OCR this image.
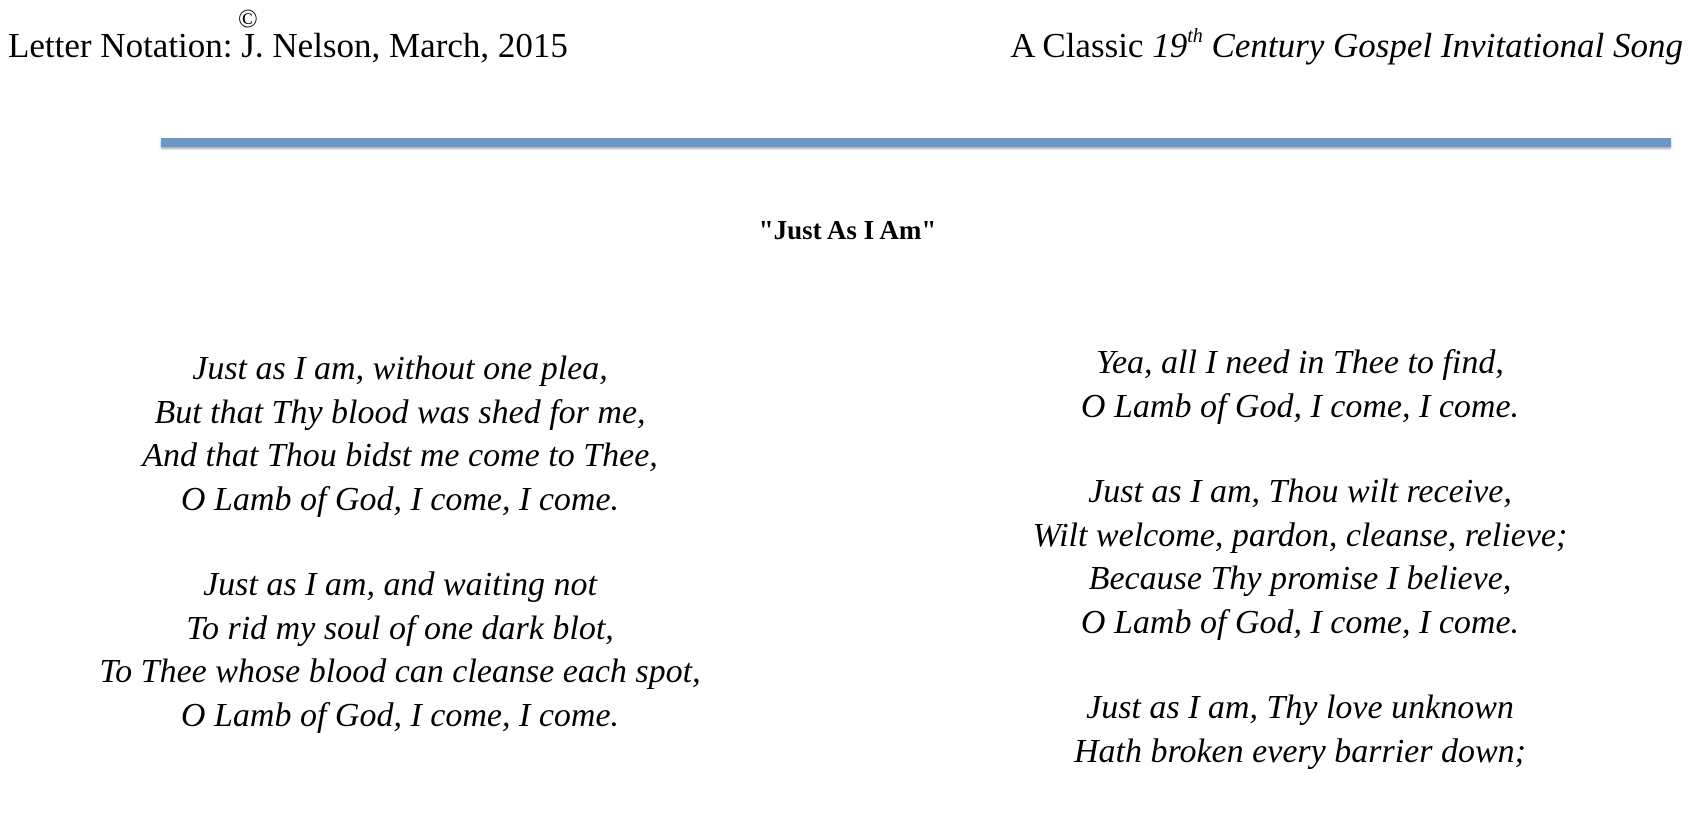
Letter Notation: J. Nelson, March, 2015
©
A Classic 19th Century Gospel Invitational Song
"Just As I Am"
Just as I am, without one plea,
But that Thy blood was shed for me,
And that Thou bidst me come to Thee,
O Lamb of God, I come, I come.
Just as I am, and waiting not
To rid my soul of one dark blot,
To Thee whose blood can cleanse each spot,
O Lamb of God, I come, I come.
Yea, all I need in Thee to find,
O Lamb of God, I come, I come.
Just as I am, Thou wilt receive,
Wilt welcome, pardon, cleanse, relieve;
Because Thy promise I believe,
O Lamb of God, I come, I come.
Just as I am, Thy love unknown
Hath broken every barrier down;
